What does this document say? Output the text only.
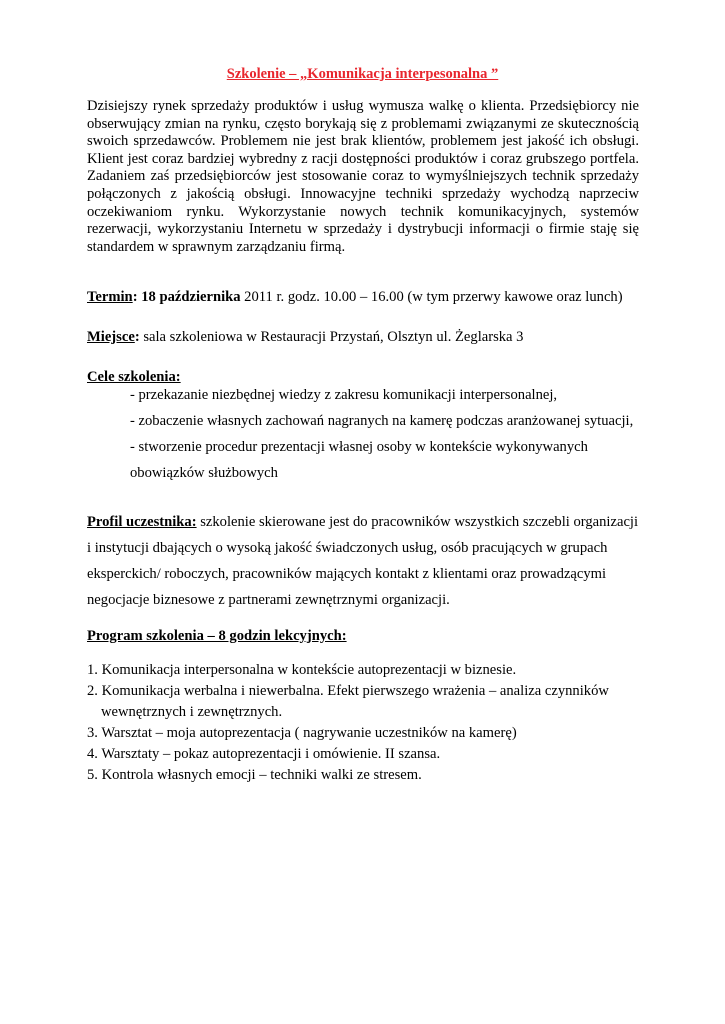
Szkolenie – „Komunikacja interpesonalna ”
Dzisiejszy rynek sprzedaży produktów i usług wymusza walkę o klienta. Przedsiębiorcy nie
obserwujący zmian na rynku, często borykają się z problemami związanymi ze skutecznością
swoich sprzedawców. Problemem nie jest brak klientów, problemem jest jakość ich obsługi.
Klient jest coraz bardziej wybredny z racji dostępności produktów i coraz grubszego portfela.
Zadaniem zaś przedsiębiorców jest stosowanie coraz to wymyślniejszych technik sprzedaży
połączonych z jakością obsługi. Innowacyjne techniki sprzedaży wychodzą naprzeciw
oczekiwaniom rynku. Wykorzystanie nowych technik komunikacyjnych, systemów
rezerwacji, wykorzystaniu Internetu w sprzedaży i dystrybucji informacji o firmie staję się
standardem w sprawnym zarządzaniu firmą.
Termin: 18 października 2011 r. godz. 10.00 – 16.00 (w tym przerwy kawowe oraz lunch)
Miejsce: sala szkoleniowa w Restauracji Przystań, Olsztyn ul. Żeglarska 3
Cele szkolenia:
- przekazanie niezbędnej wiedzy z zakresu komunikacji interpersonalnej,
- zobaczenie własnych zachowań nagranych na kamerę podczas aranżowanej sytuacji,
- stworzenie procedur prezentacji własnej osoby w kontekście wykonywanych
obowiązków służbowych
Profil uczestnika: szkolenie skierowane jest do pracowników wszystkich szczebli organizacji
i instytucji dbających o wysoką jakość świadczonych usług, osób pracujących w grupach
eksperckich/ roboczych, pracowników mających kontakt z klientami oraz prowadzącymi
negocjacje biznesowe z partnerami zewnętrznymi organizacji.
Program szkolenia – 8 godzin lekcyjnych:
1. Komunikacja interpersonalna w kontekście autoprezentacji w biznesie.
2. Komunikacja werbalna i niewerbalna. Efekt pierwszego wrażenia – analiza czynników
wewnętrznych i zewnętrznych.
3. Warsztat – moja autoprezentacja ( nagrywanie uczestników na kamerę)
4. Warsztaty – pokaz autoprezentacji i omówienie. II szansa.
5. Kontrola własnych emocji – techniki walki ze stresem.
